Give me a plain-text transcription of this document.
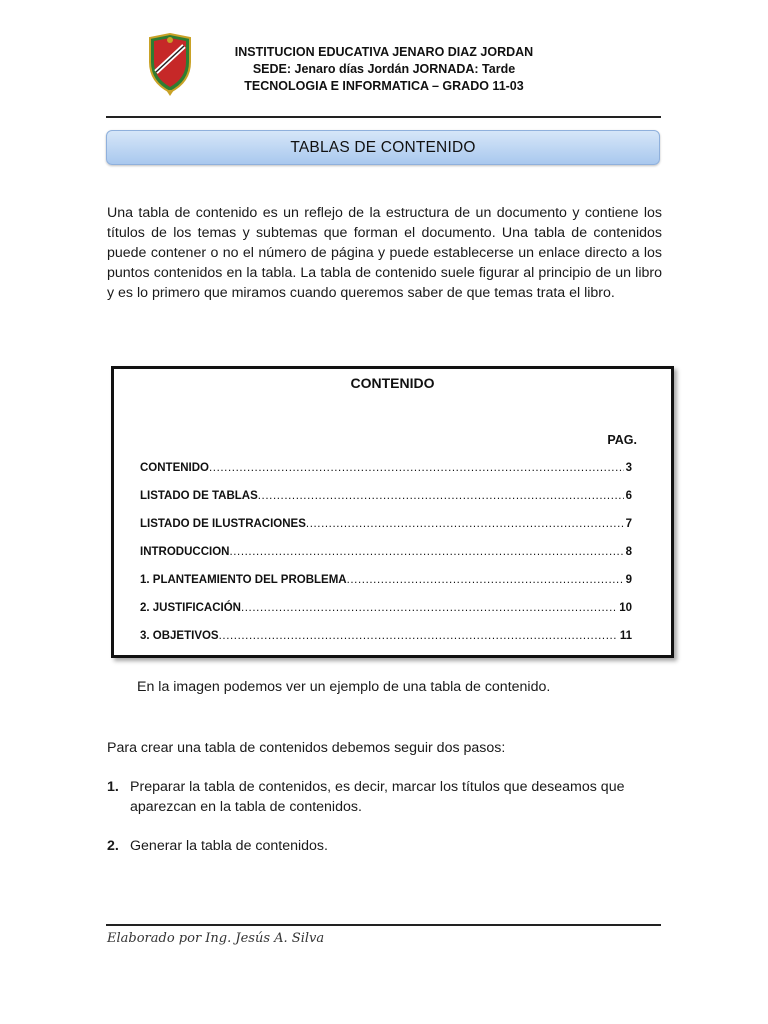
INSTITUCION EDUCATIVA JENARO DIAZ JORDAN
SEDE: Jenaro días Jordán JORNADA: Tarde
TECNOLOGIA E INFORMATICA – GRADO 11-03
TABLAS DE CONTENIDO
Una tabla de contenido es un reflejo de la estructura de un documento y contiene los títulos de los temas y subtemas que forman el documento. Una tabla de contenidos puede contener o no el número de página y puede establecerse un enlace directo a los puntos contenidos en la tabla. La tabla de contenido suele figurar al principio de un libro y es lo primero que miramos cuando queremos saber de que temas trata el libro.
CONTENIDO
PAG.
CONTENIDO .....	3
LISTADO DE TABLAS .....	6
LISTADO DE ILUSTRACIONES .....	7
INTRODUCCION .....	8
1. PLANTEAMIENTO DEL PROBLEMA .....	9
2. JUSTIFICACIÓN .....	10
3. OBJETIVOS .....	11
En la imagen podemos ver un ejemplo de una tabla de contenido.
Para crear una tabla de contenidos debemos seguir dos pasos:
1. Preparar la tabla de contenidos, es decir, marcar los títulos que deseamos que aparezcan en la tabla de contenidos.
2. Generar la tabla de contenidos.
Elaborado por Ing. Jesús A. Silva
